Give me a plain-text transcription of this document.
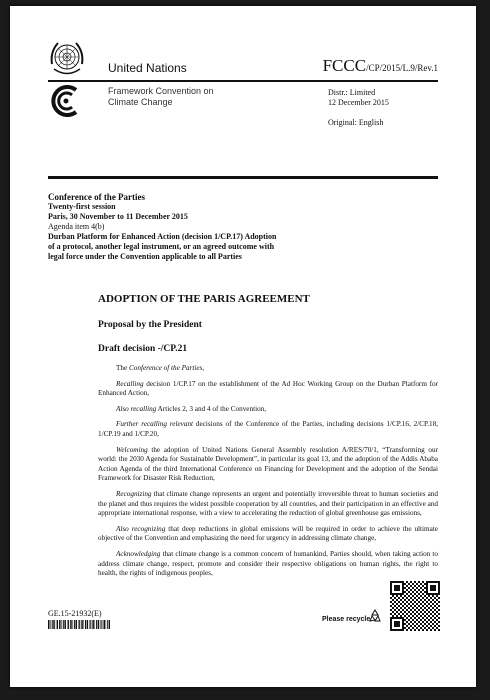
United Nations	FCCC/CP/2015/L.9/Rev.1
Framework Convention on
Climate Change
Distr.: Limited
12 December 2015
Original: English
Conference of the Parties
Twenty-first session
Paris, 30 November to 11 December 2015
Agenda item 4(b)
Durban Platform for Enhanced Action (decision 1/CP.17) Adoption of a protocol, another legal instrument, or an agreed outcome with legal force under the Convention applicable to all Parties
ADOPTION OF THE PARIS AGREEMENT
Proposal by the President
Draft decision -/CP.21

The Conference of the Parties,

Recalling decision 1/CP.17 on the establishment of the Ad Hoc Working Group on the Durban Platform for Enhanced Action,

Also recalling Articles 2, 3 and 4 of the Convention,

Further recalling relevant decisions of the Conference of the Parties, including decisions 1/CP.16, 2/CP.18, 1/CP.19 and 1/CP.20,

Welcoming the adoption of United Nations General Assembly resolution A/RES/70/1, “Transforming our world: the 2030 Agenda for Sustainable Development”, in particular its goal 13, and the adoption of the Addis Ababa Action Agenda of the third International Conference on Financing for Development and the adoption of the Sendai Framework for Disaster Risk Reduction,

Recognizing that climate change represents an urgent and potentially irreversible threat to human societies and the planet and thus requires the widest possible cooperation by all countries, and their participation in an effective and appropriate international response, with a view to accelerating the reduction of global greenhouse gas emissions,

Also recognizing that deep reductions in global emissions will be required in order to achieve the ultimate objective of the Convention and emphasizing the need for urgency in addressing climate change,

Acknowledging that climate change is a common concern of humankind, Parties should, when taking action to address climate change, respect, promote and consider their respective obligations on human rights, the right to health, the rights of indigenous peoples,

GE.15-21932(E)
Please recycle
